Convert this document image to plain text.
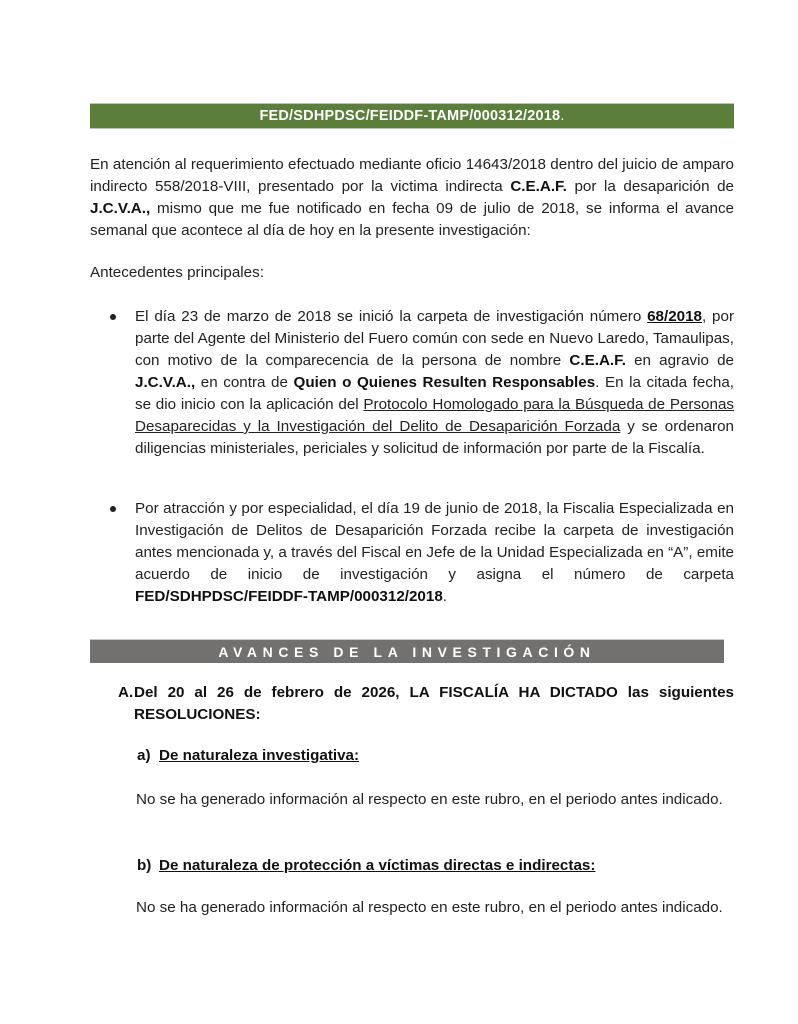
FED/SDHPDSC/FEIDDF-TAMP/000312/2018 .
En atención al requerimiento efectuado mediante oficio 14643/2018 dentro del juicio de amparo indirecto 558/2018-VIII, presentado por la victima indirecta C.E.A.F. por la desaparición de J.C.V.A., mismo que me fue notificado en fecha 09 de julio de 2018, se informa el avance semanal que acontece al día de hoy en la presente investigación:
Antecedentes principales:
El día 23 de marzo de 2018 se inició la carpeta de investigación número 68/2018, por parte del Agente del Ministerio del Fuero común con sede en Nuevo Laredo, Tamaulipas, con motivo de la comparecencia de la persona de nombre C.E.A.F. en agravio de J.C.V.A., en contra de Quien o Quienes Resulten Responsables. En la citada fecha, se dio inicio con la aplicación del Protocolo Homologado para la Búsqueda de Personas Desaparecidas y la Investigación del Delito de Desaparición Forzada y se ordenaron diligencias ministeriales, periciales y solicitud de información por parte de la Fiscalía.
Por atracción y por especialidad, el día 19 de junio de 2018, la Fiscalia Especializada en Investigación de Delitos de Desaparición Forzada recibe la carpeta de investigación antes mencionada y, a través del Fiscal en Jefe de la Unidad Especializada en “A”, emite acuerdo de inicio de investigación y asigna el número de carpeta FED/SDHPDSC/FEIDDF-TAMP/000312/2018.
AVANCES DE LA INVESTIGACIÓN
A. Del 20 al 26 de febrero de 2026, LA FISCALÍA HA DICTADO las siguientes RESOLUCIONES:
a) De naturaleza investigativa:
No se ha generado información al respecto en este rubro, en el periodo antes indicado.
b) De naturaleza de protección a víctimas directas e indirectas:
No se ha generado información al respecto en este rubro, en el periodo antes indicado.
